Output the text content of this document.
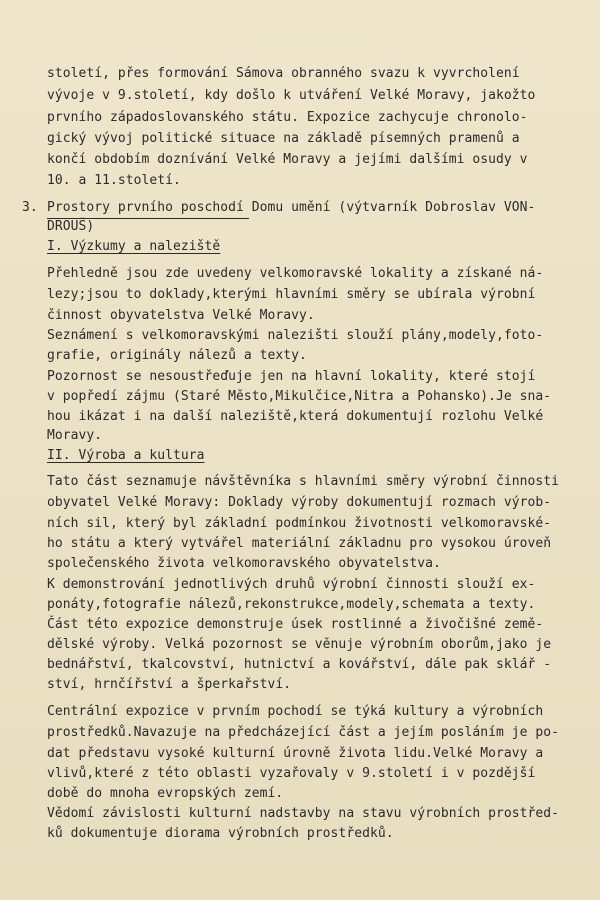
století, přes formování Sámova obranného svazu k vyvrcholení
vývoje v 9.století, kdy došlo k utváření Velké Moravy, jakožto
prvního západoslovanského státu. Expozice zachycuje chronolo-
gický vývoj politické situace na základě písemných pramenů a
končí obdobím doznívání Velké Moravy a jejími dalšími osudy v
10. a 11.století.
3. Prostory prvního poschodí Domu umění (výtvarník Dobroslav VON-
DROUŠ)
I. Výzkumy a naleziště
Přehledně jsou zde uvedeny velkomoravské lokality a získané ná-
lezy;jsou to doklady,kterými hlavními směry se ubírala výrobní
činnost obyvatelstva Velké Moravy.
Seznámení s velkomoravskými nalezišti slouží plány,modely,foto-
grafie, originály nálezů a texty.
Pozornost se nesoustřeďuje jen na hlavní lokality, které stojí
v popředí zájmu (Staré Město,Mikulčice,Nitra a Pohansko).Je sna-
hou ikázat i na další naleziště,která dokumentují rozlohu Velké
Moravy.
II. Výroba a kultura
Tato část seznamuje návštěvníka s hlavními směry výrobní činnosti
obyvatel Velké Moravy: Doklady výroby dokumentují rozmach výrob-
ních sil, který byl základní podmínkou životnosti velkomoravské-
ho státu a který vytvářel materiální základnu pro vysokou úroveň
společenského života velkomoravského obyvatelstva.
K demonstrování jednotlivých druhů výrobní činnosti slouží ex-
ponáty,fotografie nálezů,rekonstrukce,modely,schemata a texty.
Část této expozice demonstruje úsek rostlinné a živočišné země-
dělské výroby. Velká pozornost se věnuje výrobním oborům,jako je
bednářství, tkalcovství, hutnictví a kovářství, dále pak sklář -
ství, hrnčířství a šperkařství.
Centrální expozice v prvním pochodí se týká kultury a výrobních
prostředků.Navazuje na předcházející část a jejím posláním je po-
dat představu vysoké kulturní úrovně života lidu.Velké Moravy a
vlivů,které z této oblasti vyzařovaly v 9.století i v pozdější
době do mnoha evropských zemí.
Vědomí závislosti kulturní nadstavby na stavu výrobních prostřed-
ků dokumentuje diorama výrobních prostředků.
